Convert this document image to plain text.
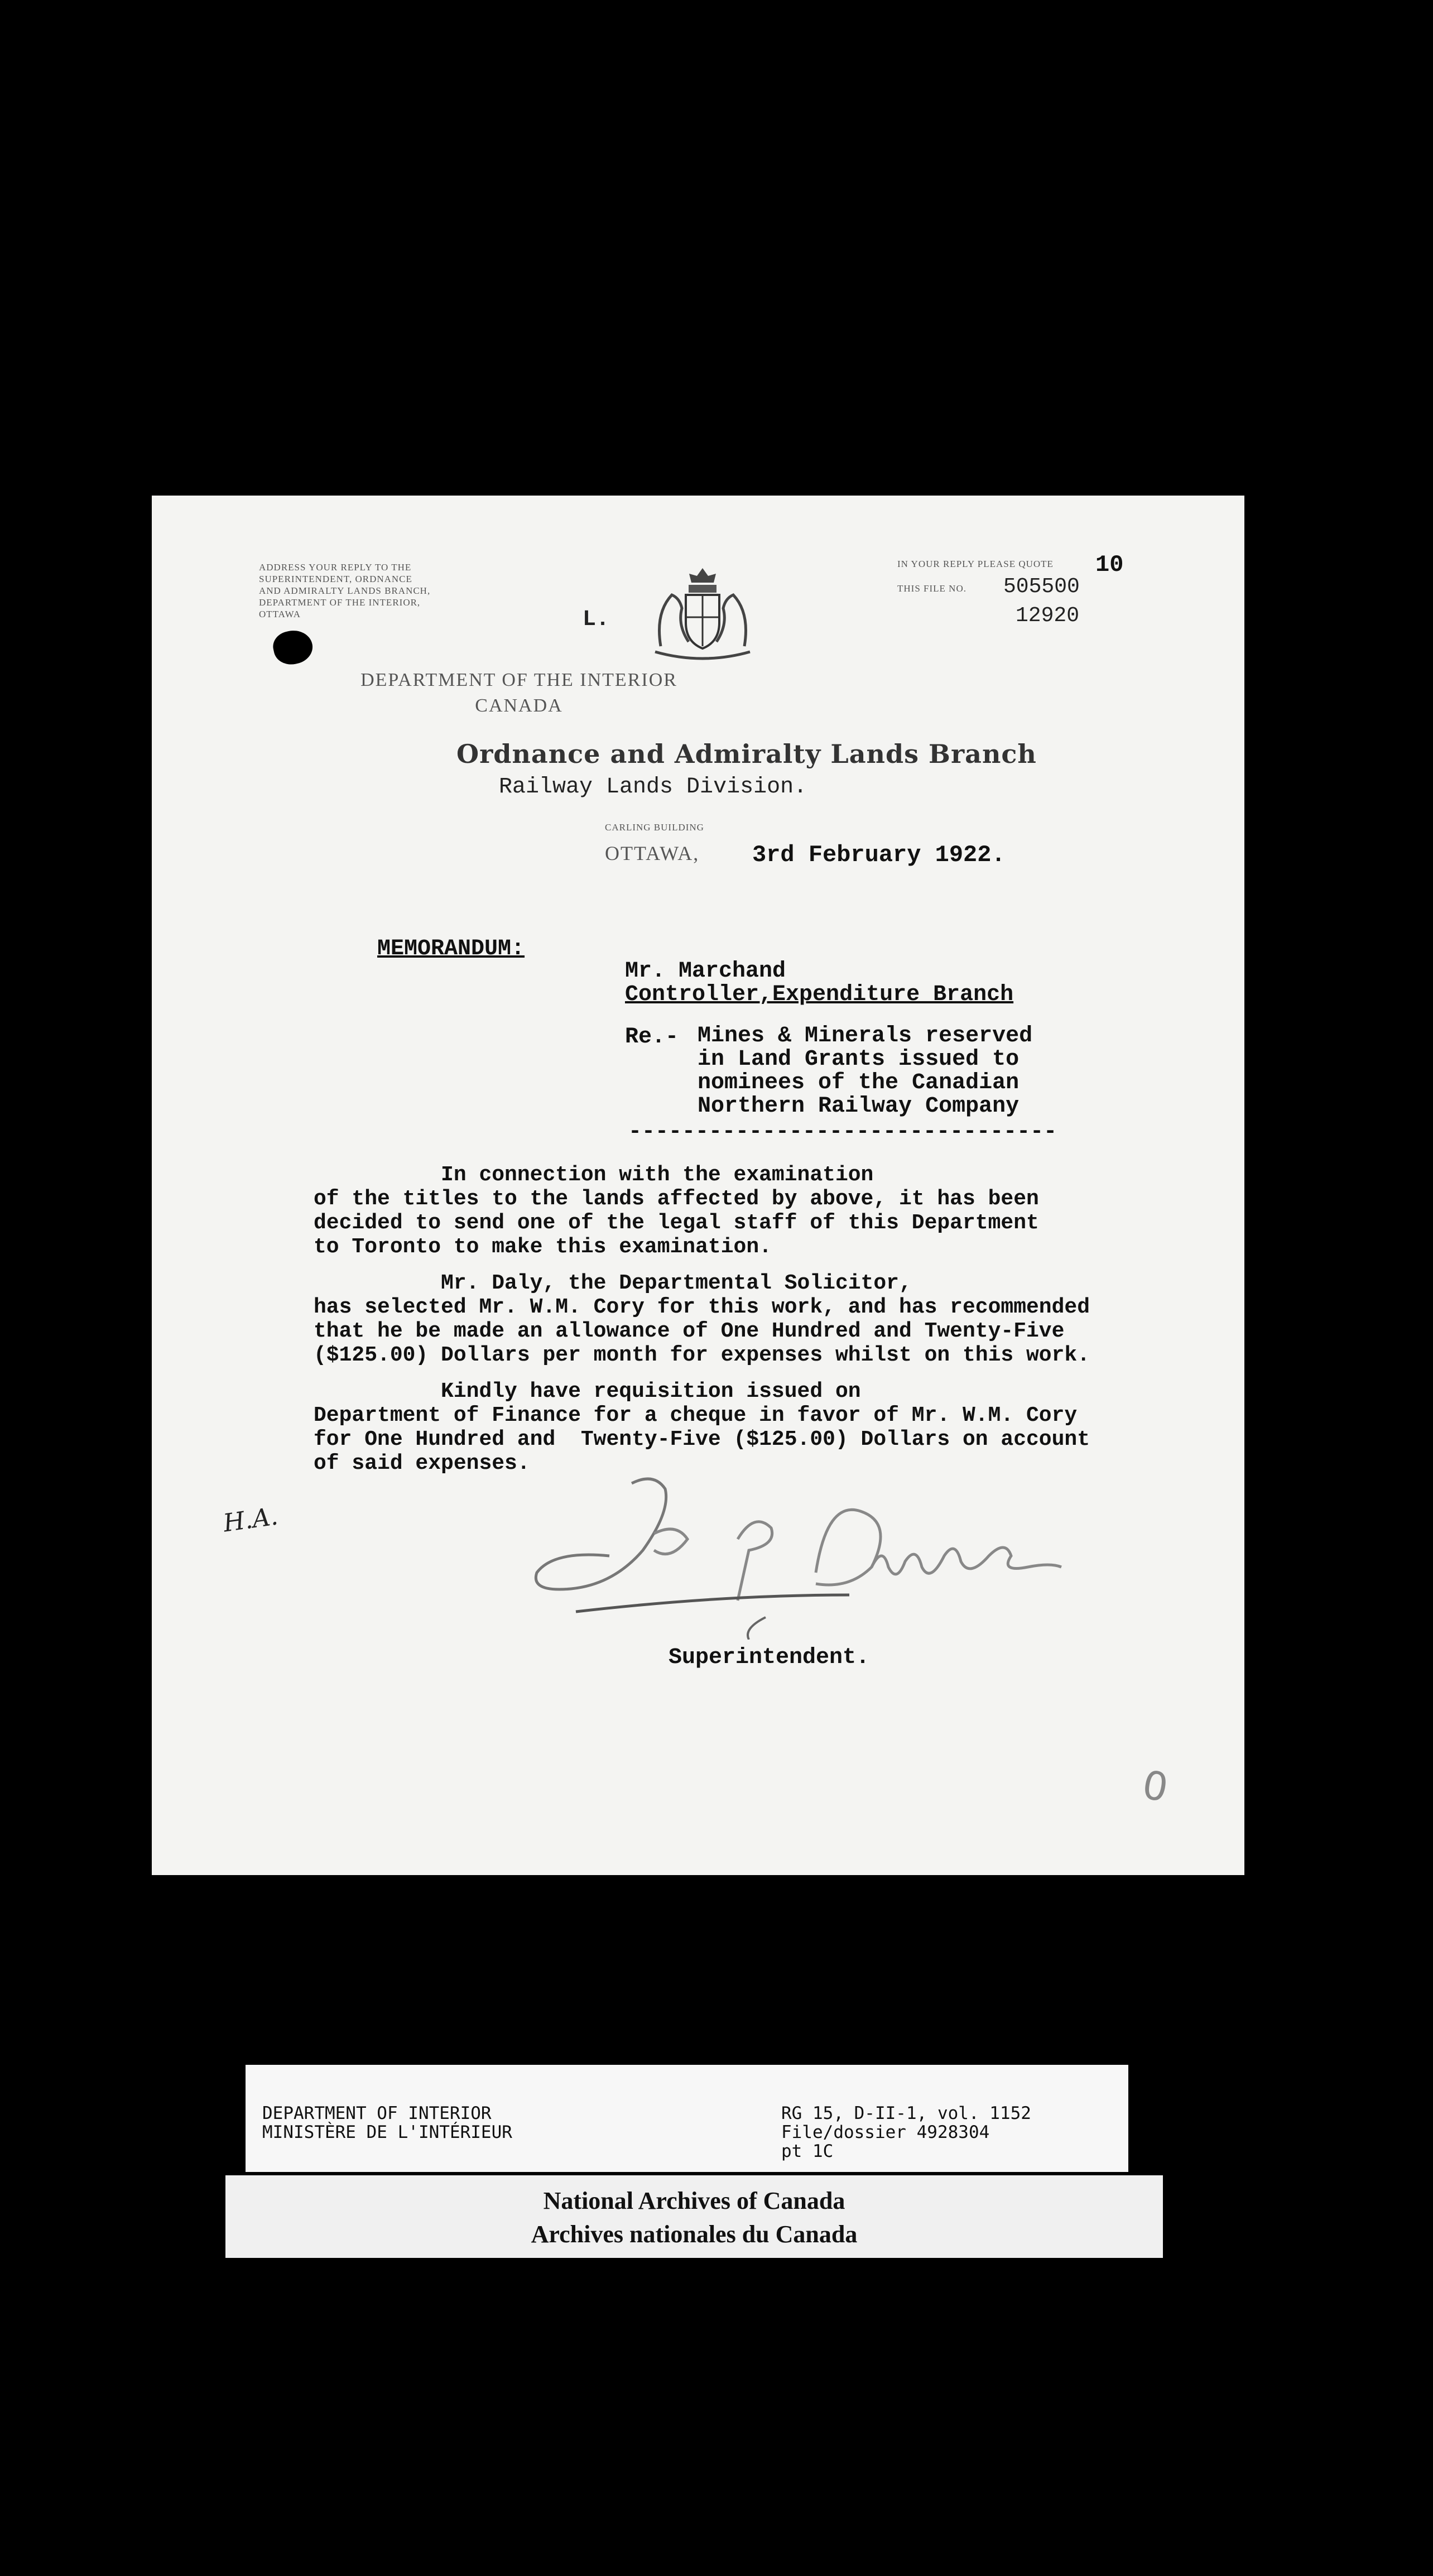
ADDRESS YOUR REPLY TO THE
SUPERINTENDENT, ORDNANCE
AND ADMIRALTY LANDS BRANCH,
DEPARTMENT OF THE INTERIOR,
OTTAWA	L.
IN YOUR REPLY PLEASE QUOTE 10
THIS FILE NO. 505500
12920
DEPARTMENT OF THE INTERIOR
CANADA
Ordnance and Admiralty Lands Branch
Railway Lands Division.
CARLING BUILDING
OTTAWA, 3rd February 1922.
MEMORANDUM:
Mr. Marchand
Controller,Expenditure Branch
Re.- Mines & Minerals reserved
in Land Grants issued to
nominees of the Canadian
Northern Railway Company
--------------------------------
In connection with the examination
of the titles to the lands affected by above, it has been
decided to send one of the legal staff of this Department
to Toronto to make this examination.
Mr. Daly, the Departmental Solicitor,
has selected Mr. W.M. Cory for this work, and has recommended
that he be made an allowance of One Hundred and Twenty-Five
($125.00) Dollars per month for expenses whilst on this work.
Kindly have requisition issued on
Department of Finance for a cheque in favor of Mr. W.M. Cory
for One Hundred and  Twenty-Five ($125.00) Dollars on account
of said expenses.
H.A.
Superintendent.
0
DEPARTMENT OF INTERIOR
MINISTÈRE DE L'INTÉRIEUR
RG 15, D-II-1, vol. 1152
File/dossier 4928304
pt 1C
National Archives of Canada
Archives nationales du Canada
